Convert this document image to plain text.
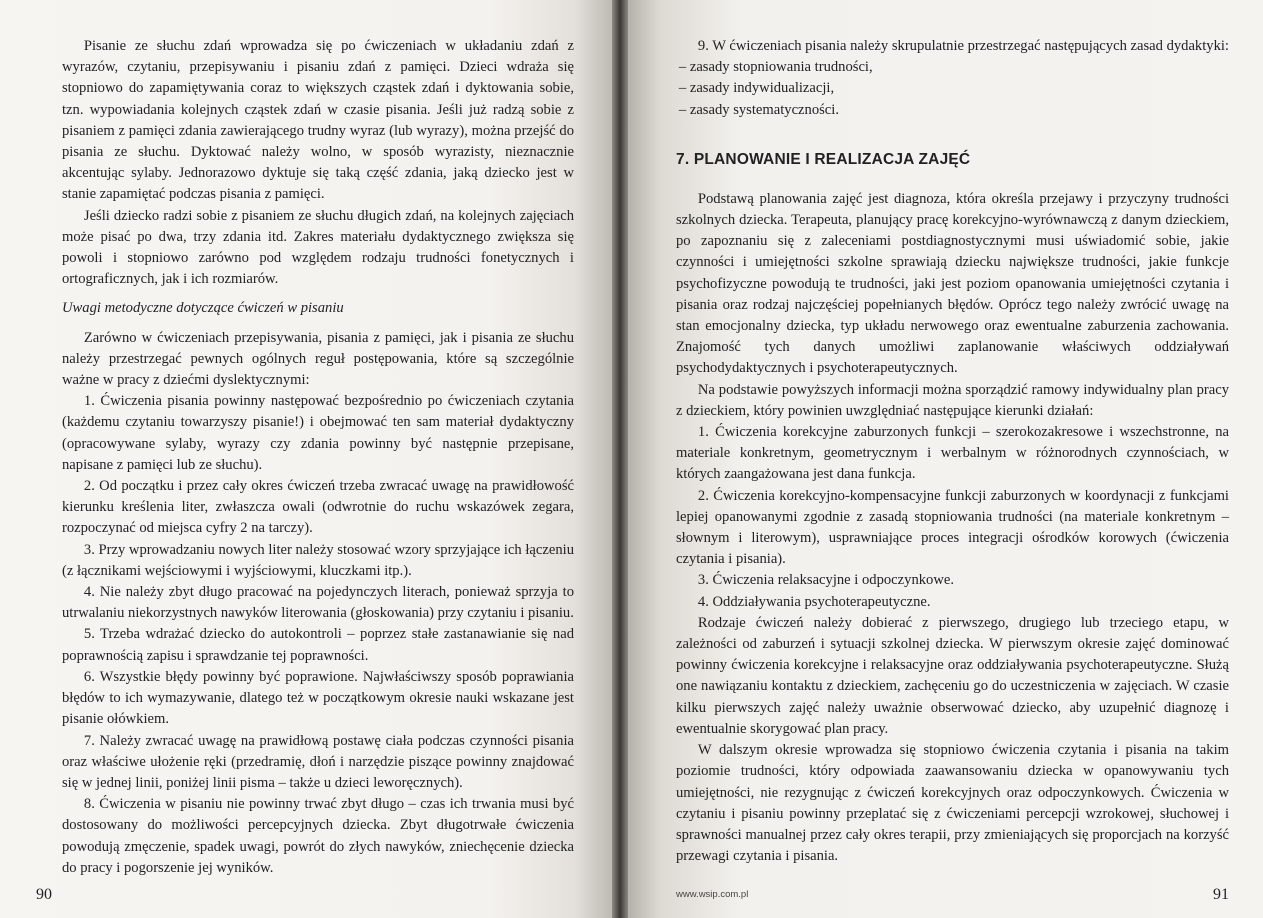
Pisanie ze słuchu zdań wprowadza się po ćwiczeniach w układaniu zdań z wyrazów, czytaniu, przepisywaniu i pisaniu zdań z pamięci. Dzieci wdraża się stopniowo do zapamiętywania coraz to większych cząstek zdań i dyktowania sobie, tzn. wypowiadania kolejnych cząstek zdań w czasie pisania. Jeśli już radzą sobie z pisaniem z pamięci zdania zawierającego trudny wyraz (lub wyrazy), można przejść do pisania ze słuchu. Dyktować należy wolno, w sposób wyrazisty, nieznacznie akcentując sylaby. Jednorazowo dyktuje się taką część zdania, jaką dziecko jest w stanie zapamiętać podczas pisania z pamięci.

Jeśli dziecko radzi sobie z pisaniem ze słuchu długich zdań, na kolejnych zajęciach może pisać po dwa, trzy zdania itd. Zakres materiału dydaktycznego zwiększa się powoli i stopniowo zarówno pod względem rodzaju trudności fonetycznych i ortograficznych, jak i ich rozmiarów.

Uwagi metodyczne dotyczące ćwiczeń w pisaniu

Zarówno w ćwiczeniach przepisywania, pisania z pamięci, jak i pisania ze słuchu należy przestrzegać pewnych ogólnych reguł postępowania, które są szczególnie ważne w pracy z dziećmi dyslektycznymi:

1. Ćwiczenia pisania powinny następować bezpośrednio po ćwiczeniach czytania (każdemu czytaniu towarzyszy pisanie!) i obejmować ten sam materiał dydaktyczny (opracowywane sylaby, wyrazy czy zdania powinny być następnie przepisane, napisane z pamięci lub ze słuchu).

2. Od początku i przez cały okres ćwiczeń trzeba zwracać uwagę na prawidłowość kierunku kreślenia liter, zwłaszcza owali (odwrotnie do ruchu wskazówek zegara, rozpoczynać od miejsca cyfry 2 na tarczy).

3. Przy wprowadzaniu nowych liter należy stosować wzory sprzyjające ich łączeniu (z łącznikami wejściowymi i wyjściowymi, kluczkami itp.).

4. Nie należy zbyt długo pracować na pojedynczych literach, ponieważ sprzyja to utrwalaniu niekorzystnych nawyków literowania (głoskowania) przy czytaniu i pisaniu.

5. Trzeba wdrażać dziecko do autokontroli – poprzez stałe zastanawianie się nad poprawnością zapisu i sprawdzanie tej poprawności.

6. Wszystkie błędy powinny być poprawione. Najwłaściwszy sposób poprawiania błędów to ich wymazywanie, dlatego też w początkowym okresie nauki wskazane jest pisanie ołówkiem.

7. Należy zwracać uwagę na prawidłową postawę ciała podczas czynności pisania oraz właściwe ułożenie ręki (przedramię, dłoń i narzędzie piszące powinny znajdować się w jednej linii, poniżej linii pisma – także u dzieci leworęcznych).

8. Ćwiczenia w pisaniu nie powinny trwać zbyt długo – czas ich trwania musi być dostosowany do możliwości percepcyjnych dziecka. Zbyt długotrwałe ćwiczenia powodują zmęczenie, spadek uwagi, powrót do złych nawyków, zniechęcenie dziecka do pracy i pogorszenie jej wyników.

90

9. W ćwiczeniach pisania należy skrupulatnie przestrzegać następujących zasad dydaktyki:

– zasady stopniowania trudności,

– zasady indywidualizacji,

– zasady systematyczności.

7. PLANOWANIE I REALIZACJA ZAJĘĆ

Podstawą planowania zajęć jest diagnoza, która określa przejawy i przyczyny trudności szkolnych dziecka. Terapeuta, planujący pracę korekcyjno-wyrównawczą z danym dzieckiem, po zapoznaniu się z zaleceniami postdiagnostycznymi musi uświadomić sobie, jakie czynności i umiejętności szkolne sprawiają dziecku największe trudności, jakie funkcje psychofizyczne powodują te trudności, jaki jest poziom opanowania umiejętności czytania i pisania oraz rodzaj najczęściej popełnianych błędów. Oprócz tego należy zwrócić uwagę na stan emocjonalny dziecka, typ układu nerwowego oraz ewentualne zaburzenia zachowania. Znajomość tych danych umożliwi zaplanowanie właściwych oddziaływań psychodydaktycznych i psychoterapeutycznych.

Na podstawie powyższych informacji można sporządzić ramowy indywidualny plan pracy z dzieckiem, który powinien uwzględniać następujące kierunki działań:

1. Ćwiczenia korekcyjne zaburzonych funkcji – szerokozakresowe i wszechstronne, na materiale konkretnym, geometrycznym i werbalnym w różnorodnych czynnościach, w których zaangażowana jest dana funkcja.

2. Ćwiczenia korekcyjno-kompensacyjne funkcji zaburzonych w koordynacji z funkcjami lepiej opanowanymi zgodnie z zasadą stopniowania trudności (na materiale konkretnym – słownym i literowym), usprawniające proces integracji ośrodków korowych (ćwiczenia czytania i pisania).

3. Ćwiczenia relaksacyjne i odpoczynkowe.

4. Oddziaływania psychoterapeutyczne.

Rodzaje ćwiczeń należy dobierać z pierwszego, drugiego lub trzeciego etapu, w zależności od zaburzeń i sytuacji szkolnej dziecka. W pierwszym okresie zajęć dominować powinny ćwiczenia korekcyjne i relaksacyjne oraz oddziaływania psychoterapeutyczne. Służą one nawiązaniu kontaktu z dzieckiem, zachęceniu go do uczestniczenia w zajęciach. W czasie kilku pierwszych zajęć należy uważnie obserwować dziecko, aby uzupełnić diagnozę i ewentualnie skorygować plan pracy.

W dalszym okresie wprowadza się stopniowo ćwiczenia czytania i pisania na takim poziomie trudności, który odpowiada zaawansowaniu dziecka w opanowywaniu tych umiejętności, nie rezygnując z ćwiczeń korekcyjnych oraz odpoczynkowych. Ćwiczenia w czytaniu i pisaniu powinny przeplatać się z ćwiczeniami percepcji wzrokowej, słuchowej i sprawności manualnej przez cały okres terapii, przy zmieniających się proporcjach na korzyść przewagi czytania i pisania.

www.wsip.com.pl	91
